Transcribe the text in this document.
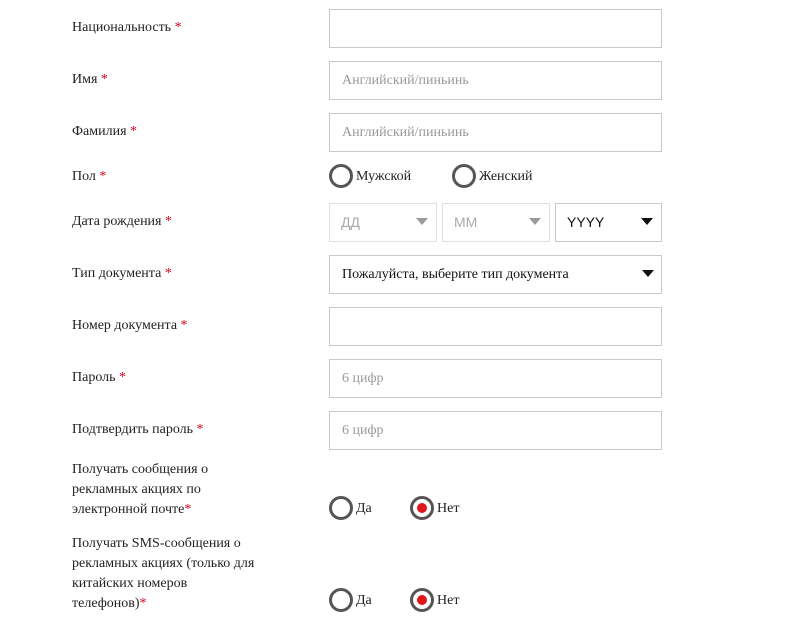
Национальность *
Имя *	Английский/пиньинь
Фамилия *	Английский/пиньинь
Пол *	Мужской	Женский
Дата рождения *	ДД	ММ	YYYY
Тип документа *	Пожалуйста, выберите тип документа
Номер документа *
Пароль *	6 цифр
Подтвердить пароль *	6 цифр
Получать сообщения о
рекламных акциях по
электронной почте*	Да	Нет
Получать SMS-сообщения о
рекламных акциях (только для
китайских номеров
телефонов)*	Да	Нет
